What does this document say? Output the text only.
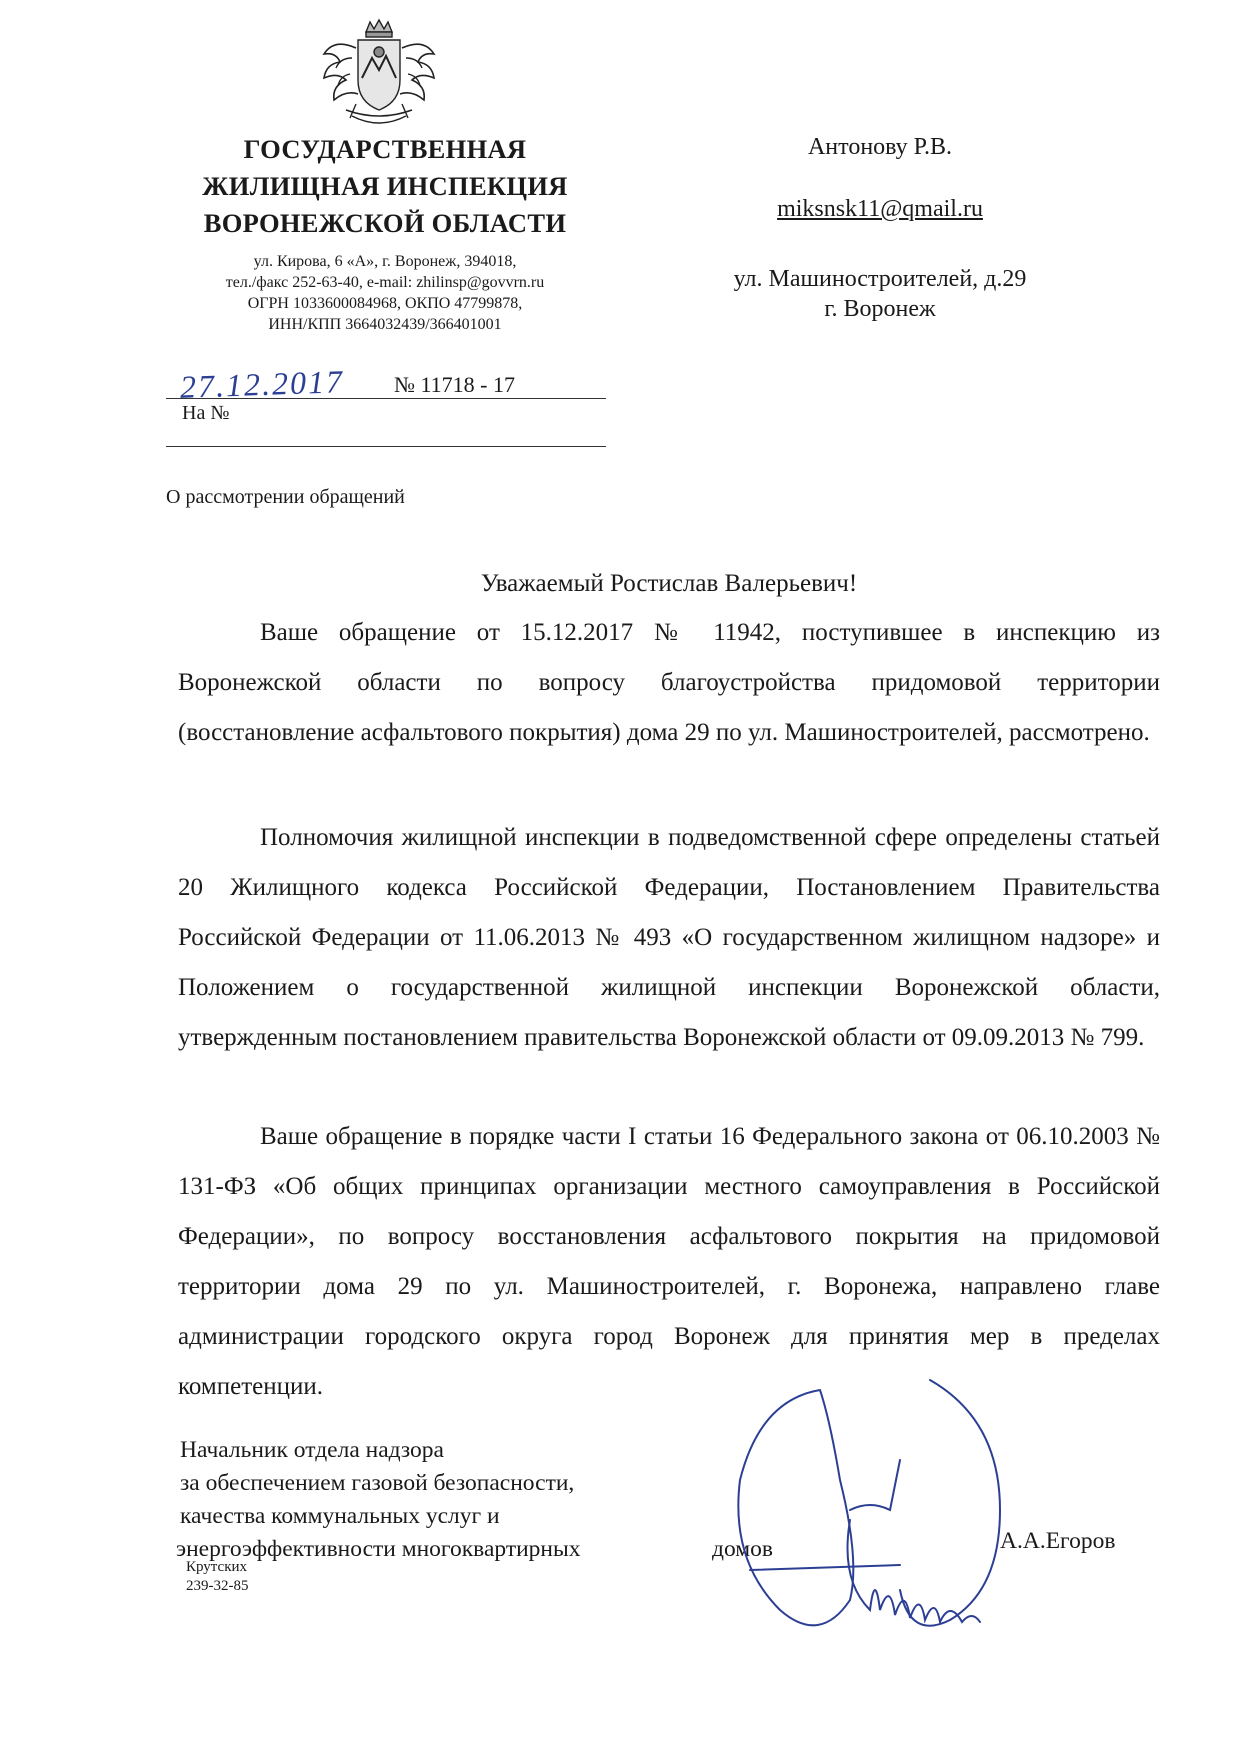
ГОСУДАРСТВЕННАЯ
ЖИЛИЩНАЯ ИНСПЕКЦИЯ
ВОРОНЕЖСКОЙ ОБЛАСТИ
ул. Кирова, 6 «А», г. Воронеж, 394018,
тел./факс 252-63-40, e-mail: zhilinsp@govvrn.ru
ОГРН 1033600084968, ОКПО 47799878,
ИНН/КПП 3664032439/366401001
Антонову Р.В.
miksnsk11@qmail.ru
ул. Машиностроителей, д.29
г. Воронеж
27.12.2017 № 11718 - 17
На №
О рассмотрении обращений
Уважаемый Ростислав Валерьевич!
Ваше обращение от 15.12.2017 № 11942, поступившее в инспекцию из Воронежской области по вопросу благоустройства придомовой территории (восстановление асфальтового покрытия) дома 29 по ул. Машиностроителей, рассмотрено.
Полномочия жилищной инспекции в подведомственной сфере определены статьей 20 Жилищного кодекса Российской Федерации, Постановлением Правительства Российской Федерации от 11.06.2013 № 493 «О государственном жилищном надзоре» и Положением о государственной жилищной инспекции Воронежской области, утвержденным постановлением правительства Воронежской области от 09.09.2013 № 799.
Ваше обращение в порядке части I статьи 16 Федерального закона от 06.10.2003 № 131-ФЗ «Об общих принципах организации местного самоуправления в Российской Федерации», по вопросу восстановления асфальтового покрытия на придомовой территории дома 29 по ул. Машиностроителей, г. Воронежа, направлено главе администрации городского округа город Воронеж для принятия мер в пределах компетенции.
Начальник отдела надзора
за обеспечением газовой безопасности,
качества коммунальных услуг и
энергоэффективности многоквартирных	домов	А.А.Егоров
Крутских
239-32-85
